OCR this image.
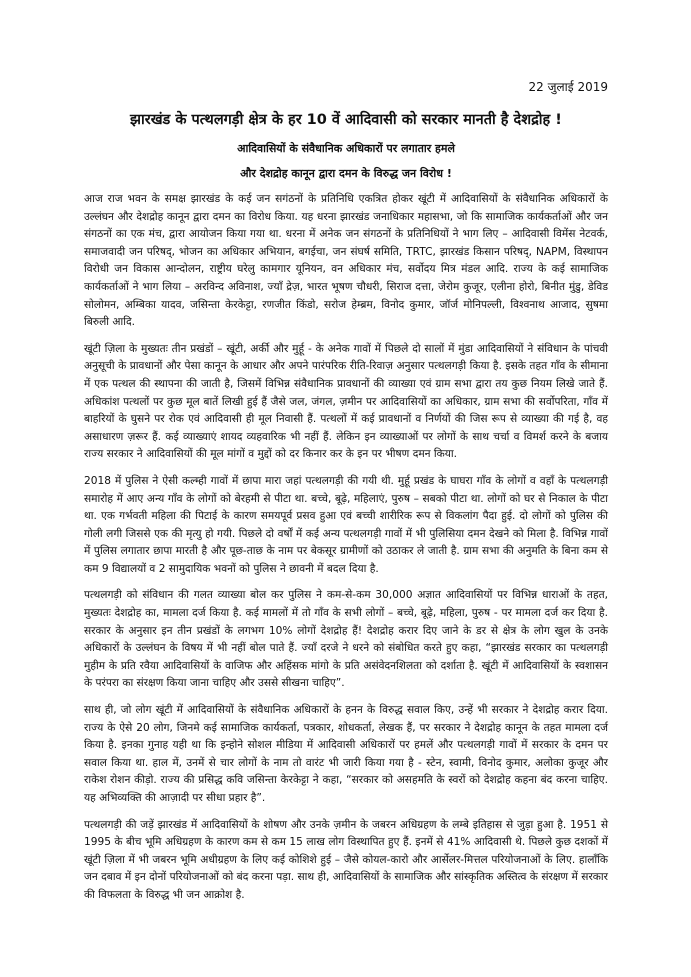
22 जुलाई 2019

झारखंड के पत्थलगड़ी क्षेत्र के हर 10 वें आदिवासी को सरकार मानती है देशद्रोह !

आदिवासियों के संवैधानिक अधिकारों पर लगातार हमले

और देशद्रोह कानून द्वारा दमन के विरुद्ध जन विरोध !

आज राज भवन के समक्ष झारखंड के कई जन सगंठनों के प्रतिनिधि एकत्रित होकर खूंटी में आदिवासियों के संवैधानिक अधिकारों के उल्लंघन और देशद्रोह कानून द्वारा दमन का विरोध किया. यह धरना झारखंड जनाधिकार महासभा, जो कि सामाजिक कार्यकर्ताओं और जन संगठनों का एक मंच, द्वारा आयोजन किया गया था. धरना में अनेक जन संगठनों के प्रतिनिधियों ने भाग लिए – आदिवासी विमेंस नेटवर्क, समाजवादी जन परिषद्, भोजन का अधिकार अभियान, बगईचा, जन संघर्ष समिति, TRTC, झारखंड किसान परिषद्, NAPM, विस्थापन विरोधी जन विकास आन्दोलन, राष्ट्रीय घरेलु कामगार यूनियन, वन अधिकार मंच, सर्वोदय मित्र मंडल आदि. राज्य के कई सामाजिक कार्यकर्ताओं ने भाग लिया – अरविन्द अविनाश, ज्याँ द्रेज़, भारत भूषण चौधरी, सिराज दत्ता, जेरोम कुजूर, एलीना होरो, बिनीत मुंडु, डेविड सोलोमन, अम्बिका यादव, जसिन्ता केरकेट्टा, रणजीत किंडो, सरोज हेम्ब्रम, विनोद कुमार, जॉर्ज मोनिपल्ली, विश्वनाथ आजाद, सुषमा बिरुली आदि.

खूंटी ज़िला के मुख्यतः तीन प्रखंडों – खूंटी, अर्की और मुर्हू - के अनेक गावों में पिछले दो सालों में मुंडा आदिवासियों ने संविधान के पांचवी अनुसूची के प्रावधानों और पेसा कानून के आधार और अपने पारंपरिक रीति-रिवाज़ अनुसार पत्थलगड़ी किया है. इसके तहत गाँव के सीमाना में एक पत्थल की स्थापना की जाती है, जिसमें विभिन्न संवैधानिक प्रावधानों की व्याख्या एवं ग्राम सभा द्वारा तय कुछ नियम लिखे जाते हैं. अधिकांश पत्थलों पर कुछ मूल बातें लिखी हुई हैं जैसे जल, जंगल, ज़मीन पर आदिवासियों का अधिकार, ग्राम सभा की सर्वोपरिता, गाँव में बाहरियों के घुसने पर रोक एवं आदिवासी ही मूल निवासी हैं. पत्थलों में कई प्रावधानों व निर्णयों की जिस रूप से व्याख्या की गई है, वह असाधारण ज़रूर हैं. कई व्याख्याएं शायद व्यहवारिक भी नहीं हैं. लेकिन इन व्याख्याओं पर लोगों के साथ चर्चा व विमर्श करने के बजाय राज्य सरकार ने आदिवासियों की मूल मांगों व मुद्दों को दर किनार कर के इन पर भीषण दमन किया.

2018 में पुलिस ने ऐसी कल्म्ही गावों में छापा मारा जहां पत्थलगड़ी की गयी थी. मुर्हू प्रखंड के घाघरा गाँव के लोगों व वहाँ के पत्थलगड़ी समारोह में आए अन्य गाँव के लोगों को बेरहमी से पीटा था. बच्चे, बूढ़े, महिलाएं, पुरुष – सबको पीटा था. लोगों को घर से निकाल के पीटा था. एक गर्भवती महिला की पिटाई के कारण समयपूर्व प्रसव हुआ एवं बच्ची शारीरिक रूप से विकलांग पैदा हुई. दो लोगों को पुलिस की गोली लगी जिससे एक की मृत्यु हो गयी. पिछले दो वर्षों में कई अन्य पत्थलगड़ी गावों में भी पुलिसिया दमन देखने को मिला है. विभिन्न गावों में पुलिस लगातार छापा मारती है और पूछ-ताछ के नाम पर बेकसूर ग्रामीणों को उठाकर ले जाती है. ग्राम सभा की अनुमति के बिना कम से कम 9 विद्यालयों व 2 सामुदायिक भवनों को पुलिस ने छावनी में बदल दिया है.

पत्थलगड़ी को संविधान की गलत व्याख्या बोल कर पुलिस ने कम-से-कम 30,000 अज्ञात आदिवासियों पर विभिन्न धाराओं के तहत, मुख्यतः देशद्रोह का, मामला दर्ज किया है. कई मामलों में तो गाँव के सभी लोगों – बच्चे, बूढ़े, महिला, पुरुष - पर मामला दर्ज कर दिया है. सरकार के अनुसार इन तीन प्रखंडों के लगभग 10% लोगों देशद्रोह हैं! देशद्रोह करार दिए जाने के डर से क्षेत्र के लोग खुल के उनके अधिकारों के उल्लंघन के विषय में भी नहीं बोल पाते हैं. ज्याँ दरजे ने धरने को संबोधित करते हुए कहा, “झारखंड सरकार का पत्थलगड़ी मुहीम के प्रति रवैया आदिवासियों के वाजिफ और अहिंसक मांगो के प्रति असंवेदनशिलता को दर्शाता है. खूंटी में आदिवासियों के स्वशासन के परंपरा का संरक्षण किया जाना चाहिए और उससे सीखना चाहिए”.

साथ ही, जो लोग खूंटी में आदिवासियों के संवैधानिक अधिकारों के हनन के विरुद्ध सवाल किए, उन्हें भी सरकार ने देशद्रोह करार दिया. राज्य के ऐसे 20 लोग, जिनमे कई सामाजिक कार्यकर्ता, पत्रकार, शोधकर्ता, लेखक हैं, पर सरकार ने देशद्रोह कानून के तहत मामला दर्ज किया है. इनका गुनाह यही था कि इन्होने सोशल मीडिया में आदिवासी अधिकारों पर हमलें और पत्थलगड़ी गावों में सरकार के दमन पर सवाल किया था. हाल में, उनमें से चार लोगों के नाम तो वारंट भी जारी किया गया है - स्टेन, स्वामी, विनोद कुमार, अलोका कुजूर और राकेश रोशन कीड़ो. राज्य की प्रसिद्ध कवि जसिन्ता केरकेट्टा ने कहा, “सरकार को असहमति के स्वरों को देशद्रोह कहना बंद करना चाहिए. यह अभिव्यक्ति की आज़ादी पर सीधा प्रहार है”.

पत्थलगड़ी की जड़ें झारखंड में आदिवासियों के शोषण और उनके ज़मीन के जबरन अधिग्रहण के लम्बे इतिहास से जुड़ा हुआ है. 1951 से 1995 के बीच भूमि अधिग्रहण के कारण कम से कम 15 लाख लोग विस्थापित हुए हैं. इनमें से 41% आदिवासी थे. पिछले कुछ दशकों में खूंटी ज़िला में भी जबरन भूमि अधीग्रहण के लिए कई कोशिशे हुई – जैसे कोयल-कारो और आर्सेलर-मित्तल परियोजनाओं के लिए. हालाँकि जन दबाव में इन दोनों परियोजनाओं को बंद करना पड़ा. साथ ही, आदिवासियों के सामाजिक और सांस्कृतिक अस्तित्व के संरक्षण में सरकार की विफलता के विरुद्ध भी जन आक्रोश है.
